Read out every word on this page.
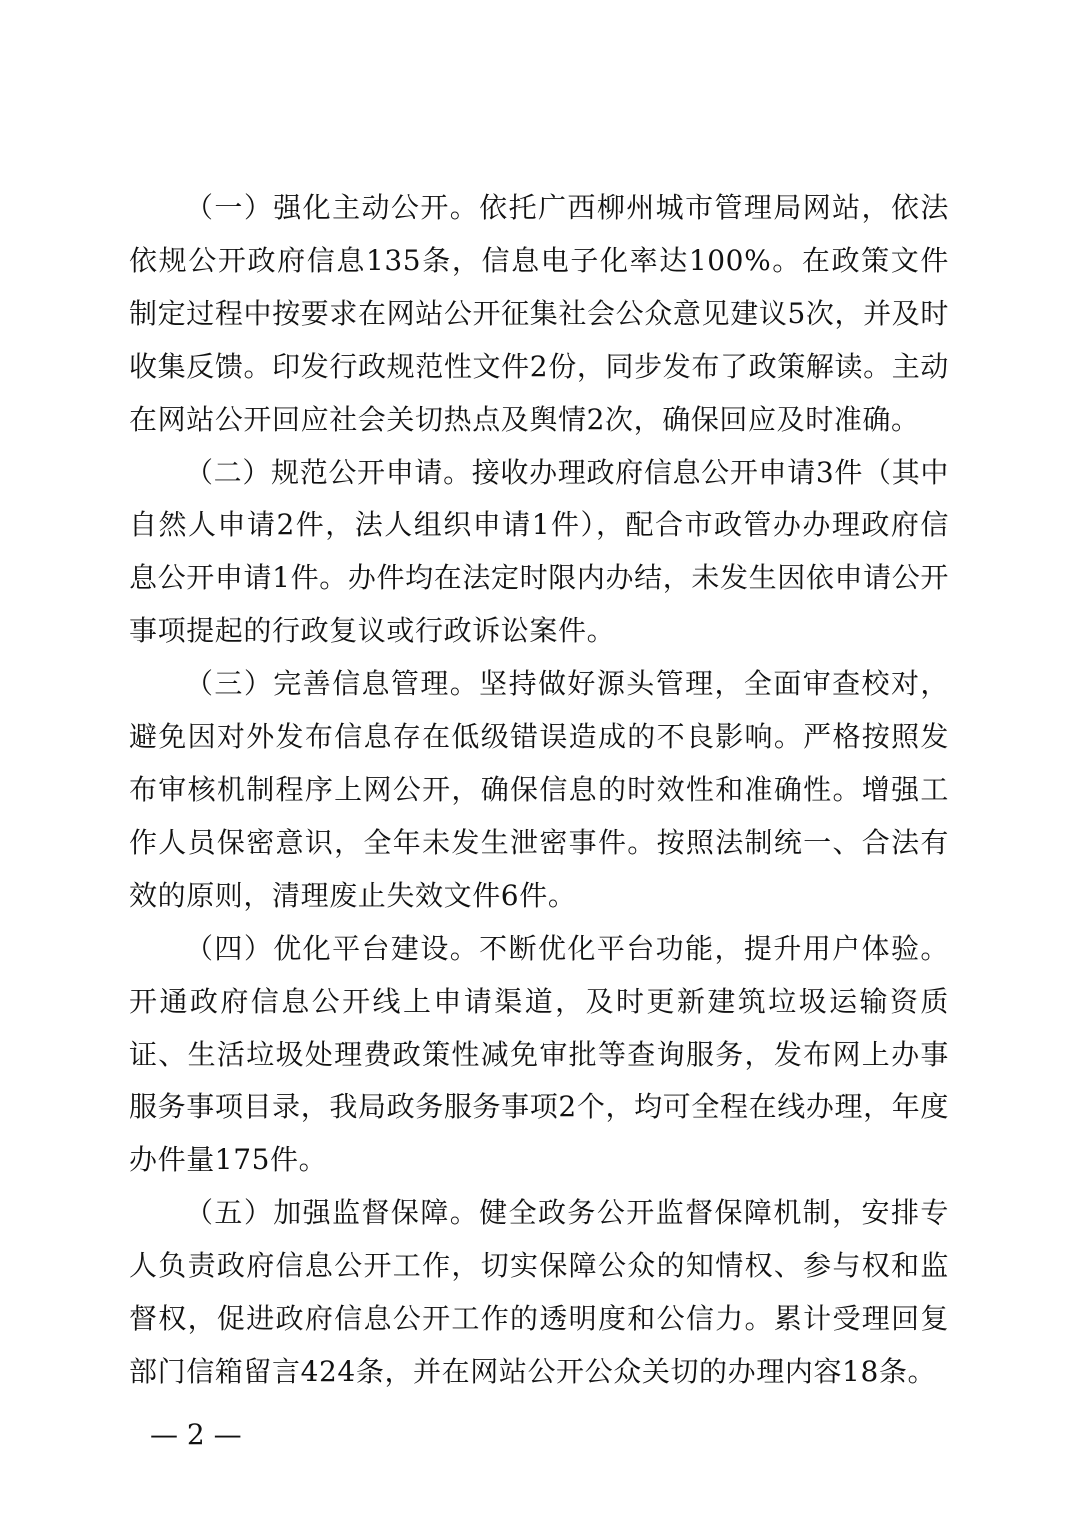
（一）强化主动公开。依托广西柳州城市管理局网站，依法依规公开政府信息135条，信息电子化率达100%。在政策文件制定过程中按要求在网站公开征集社会公众意见建议5次，并及时收集反馈。印发行政规范性文件2份，同步发布了政策解读。主动在网站公开回应社会关切热点及舆情2次，确保回应及时准确。

（二）规范公开申请。接收办理政府信息公开申请3件（其中自然人申请2件，法人组织申请1件），配合市政管办办理政府信息公开申请1件。办件均在法定时限内办结，未发生因依申请公开事项提起的行政复议或行政诉讼案件。

（三）完善信息管理。坚持做好源头管理，全面审查校对，避免因对外发布信息存在低级错误造成的不良影响。严格按照发布审核机制程序上网公开，确保信息的时效性和准确性。增强工作人员保密意识，全年未发生泄密事件。按照法制统一、合法有效的原则，清理废止失效文件6件。

（四）优化平台建设。不断优化平台功能，提升用户体验。开通政府信息公开线上申请渠道，及时更新建筑垃圾运输资质证、生活垃圾处理费政策性减免审批等查询服务，发布网上办事服务事项目录，我局政务服务事项2个，均可全程在线办理，年度办件量175件。

（五）加强监督保障。健全政务公开监督保障机制，安排专人负责政府信息公开工作，切实保障公众的知情权、参与权和监督权，促进政府信息公开工作的透明度和公信力。累计受理回复部门信箱留言424条，并在网站公开公众关切的办理内容18条。

— 2 —
